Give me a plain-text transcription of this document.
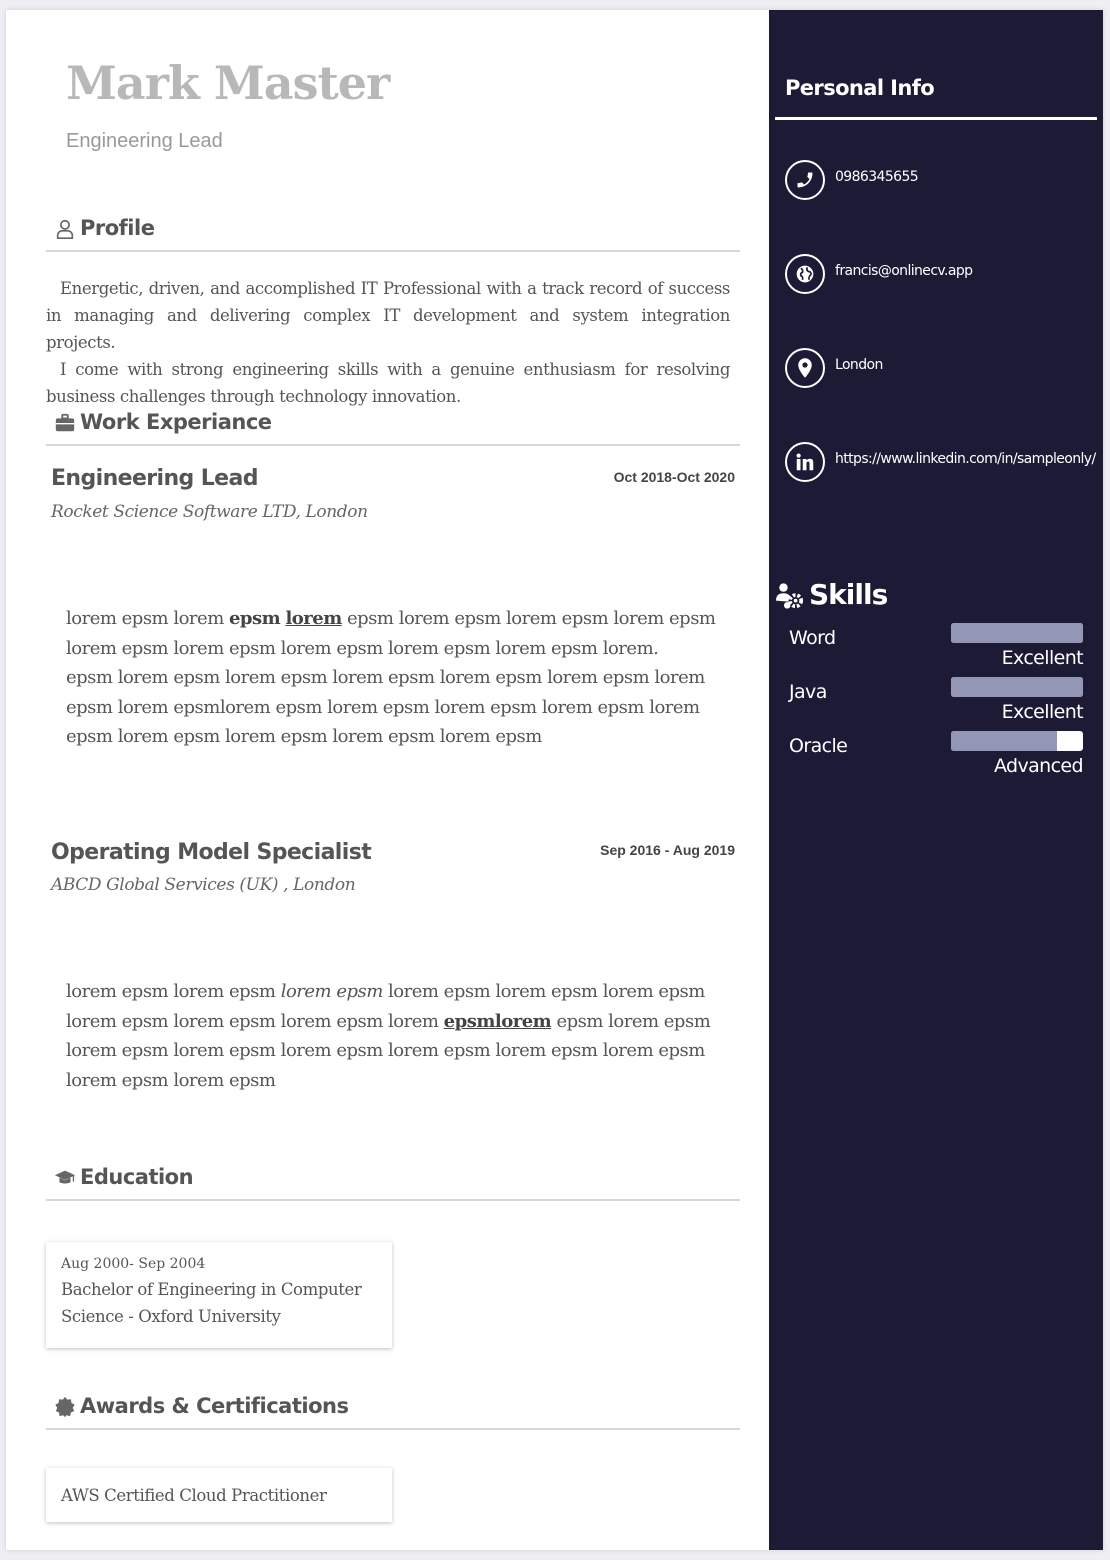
Mark Master
Engineering Lead
Profile

Energetic, driven, and accomplished IT Professional with a track record of success in managing and delivering complex IT development and system integration projects.

I come with strong engineering skills with a genuine enthusiasm for resolving business challenges through technology innovation.

Work Experiance
Engineering Lead	Oct 2018-Oct 2020
Rocket Science Software LTD, London
lorem epsm lorem epsm lorem epsm lorem epsm lorem epsm lorem epsm lorem epsm lorem epsm lorem epsm lorem epsm lorem epsm lorem.
epsm lorem epsm lorem epsm lorem epsm lorem epsm lorem epsm lorem epsm lorem epsmlorem epsm lorem epsm lorem epsm lorem epsm lorem epsm lorem epsm lorem epsm lorem epsm lorem epsm
Operating Model Specialist	Sep 2016 - Aug 2019
ABCD Global Services (UK) , London
lorem epsm lorem epsm lorem epsm lorem epsm lorem epsm lorem epsm lorem epsm lorem epsm lorem epsm lorem epsmlorem epsm lorem epsm lorem epsm lorem epsm lorem epsm lorem epsm lorem epsm lorem epsm lorem epsm lorem epsm
Education
Aug 2000- Sep 2004
Bachelor of Engineering in Computer Science - Oxford University
Awards & Certifications
AWS Certified Cloud Practitioner
Personal Info
0986345655
francis@onlinecv.app
London
https://www.linkedin.com/in/sampleonly/
Skills
Word
Excellent
Java
Excellent
Oracle
Advanced
